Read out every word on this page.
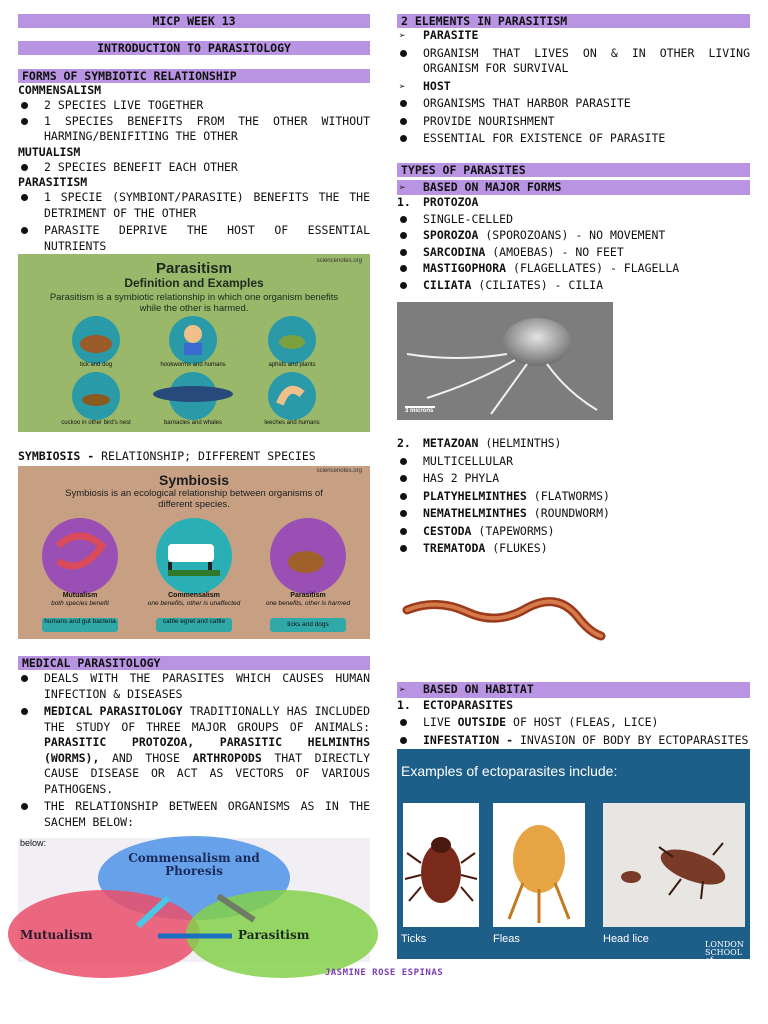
MICP WEEK 13
INTRODUCTION TO PARASITOLOGY
FORMS OF SYMBIOTIC RELATIONSHIP
COMMENSALISM
2 SPECIES LIVE TOGETHER
1 SPECIES BENEFITS FROM THE OTHER WITHOUT HARMING/BENIFITING THE OTHER
MUTUALISM
2 SPECIES BENEFIT EACH OTHER
PARASITISM
1 SPECIE (SYMBIONT/PARASITE) BENEFITS THE THE DETRIMENT OF THE OTHER
PARASITE DEPRIVE THE HOST OF ESSENTIAL NUTRIENTS
Parasitism	sciencenotes.org
Definition and Examples
Parasitism is a symbiotic relationship in which one organism benefits while the other is harmed.
tick and dog	hookworms and humans	aphids and plants
cuckoo in other bird's nest	barnacles and whales	leeches and humans
SYMBIOSIS - RELATIONSHIP; DIFFERENT SPECIES
sciencenotes.org
Symbiosis
Symbiosis is an ecological relationship between organisms of different species.
Mutualism
both species benefit
humans and gut bacteria
Commensalism
one benefits, other is unaffected
cattle egret and cattle
Parasitism
one benefits, other is harmed
ticks and dogs
MEDICAL PARASITOLOGY
DEALS WITH THE PARASITES WHICH CAUSES HUMAN INFECTION & DISEASES
MEDICAL PARASITOLOGY TRADITIONALLY HAS INCLUDED THE STUDY OF THREE MAJOR GROUPS OF ANIMALS: PARASITIC PROTOZOA, PARASITIC HELMINTHS (WORMS), AND THOSE ARTHROPODS THAT DIRECTLY CAUSE DISEASE OR ACT AS VECTORS OF VARIOUS PATHOGENS.
THE RELATIONSHIP BETWEEN ORGANISMS AS IN THE SACHEM BELOW:
below:
Commensalism and Phoresis
Mutualism	Parasitism
2 ELEMENTS IN PARASITISM
➢ PARASITE
ORGANISM THAT LIVES ON & IN OTHER LIVING ORGANISM FOR SURVIVAL
➢ HOST
ORGANISMS THAT HARBOR PARASITE
PROVIDE NOURISHMENT
ESSENTIAL FOR EXISTENCE OF PARASITE
TYPES OF PARASITES
➢ BASED ON MAJOR FORMS
1. PROTOZOA
SINGLE-CELLED
SPOROZOA (SPOROZOANS) - NO MOVEMENT
SARCODINA (AMOEBAS) - NO FEET
MASTIGOPHORA (FLAGELLATES) - FLAGELLA
CILIATA (CILIATES) - CILIA
3 microns
2. METAZOAN (HELMINTHS)
MULTICELLULAR
HAS 2 PHYLA
PLATYHELMINTHES (FLATWORMS)
NEMATHELMINTHES (ROUNDWORM)
CESTODA (TAPEWORMS)
TREMATODA (FLUKES)
➢ BASED ON HABITAT
1. ECTOPARASITES
LIVE OUTSIDE OF HOST (FLEAS, LICE)
INFESTATION - INVASION OF BODY BY ECTOPARASITES
Examples of ectoparasites include:
Ticks	Fleas	Head lice	LONDON
SCHOOL of
JASMINE ROSE ESPINAS
